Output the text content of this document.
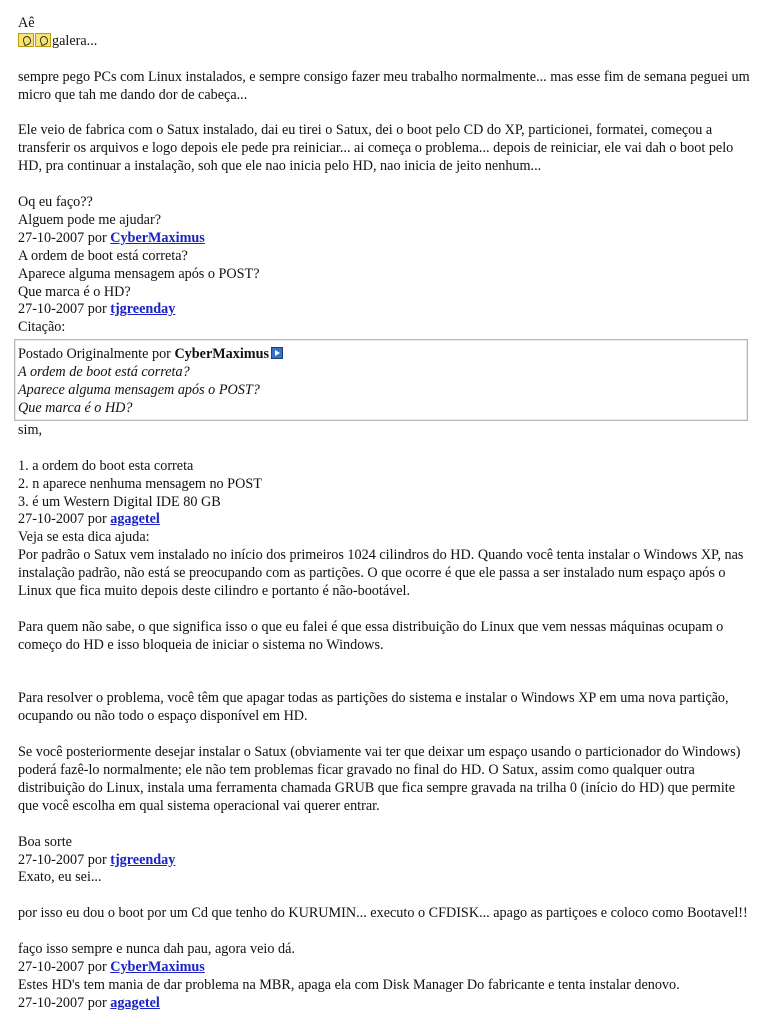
Aê

galera...

sempre pego PCs com Linux instalados, e sempre consigo fazer meu trabalho normalmente... mas esse fim de semana peguei um micro que tah me dando dor de cabeça...

Ele veio de fabrica com o Satux instalado, dai eu tirei o Satux, dei o boot pelo CD do XP, particionei, formatei, começou a transferir os arquivos e logo depois ele pede pra reiniciar... ai começa o problema... depois de reiniciar, ele vai dah o boot pelo HD, pra continuar a instalação, soh que ele nao inicia pelo HD, nao inicia de jeito nenhum...

Oq eu faço??

Alguem pode me ajudar?

27-10-2007 por CyberMaximus

A ordem de boot está correta?

Aparece alguma mensagem após o POST?

Que marca é o HD?

27-10-2007 por tjgreenday

Citação:

Postado Originalmente por CyberMaximus

A ordem de boot está correta?

Aparece alguma mensagem após o POST?

Que marca é o HD?

sim,

1. a ordem do boot esta correta

2. n aparece nenhuma mensagem no POST

3. é um Western Digital IDE 80 GB

27-10-2007 por agagetel

Veja se esta dica ajuda:

Por padrão o Satux vem instalado no início dos primeiros 1024 cilindros do HD. Quando você tenta instalar o Windows XP, nas instalação padrão, não está se preocupando com as partições. O que ocorre é que ele passa a ser instalado num espaço após o Linux que fica muito depois deste cilindro e portanto é não-bootável.

Para quem não sabe, o que significa isso o que eu falei é que essa distribuição do Linux que vem nessas máquinas ocupam o começo do HD e isso bloqueia de iniciar o sistema no Windows.

Para resolver o problema, você têm que apagar todas as partições do sistema e instalar o Windows XP em uma nova partição, ocupando ou não todo o espaço disponível em HD.

Se você posteriormente desejar instalar o Satux (obviamente vai ter que deixar um espaço usando o particionador do Windows) poderá fazê-lo normalmente; ele não tem problemas ficar gravado no final do HD. O Satux, assim como qualquer outra distribuição do Linux, instala uma ferramenta chamada GRUB que fica sempre gravada na trilha 0 (início do HD) que permite que você escolha em qual sistema operacional vai querer entrar.

Boa sorte

27-10-2007 por tjgreenday

Exato, eu sei...

por isso eu dou o boot por um Cd que tenho do KURUMIN... executo o CFDISK... apago as partiçoes e coloco como Bootavel!!

faço isso sempre e nunca dah pau, agora veio dá.

27-10-2007 por CyberMaximus

Estes HD's tem mania de dar problema na MBR, apaga ela com Disk Manager Do fabricante e tenta instalar denovo.

27-10-2007 por agagetel
